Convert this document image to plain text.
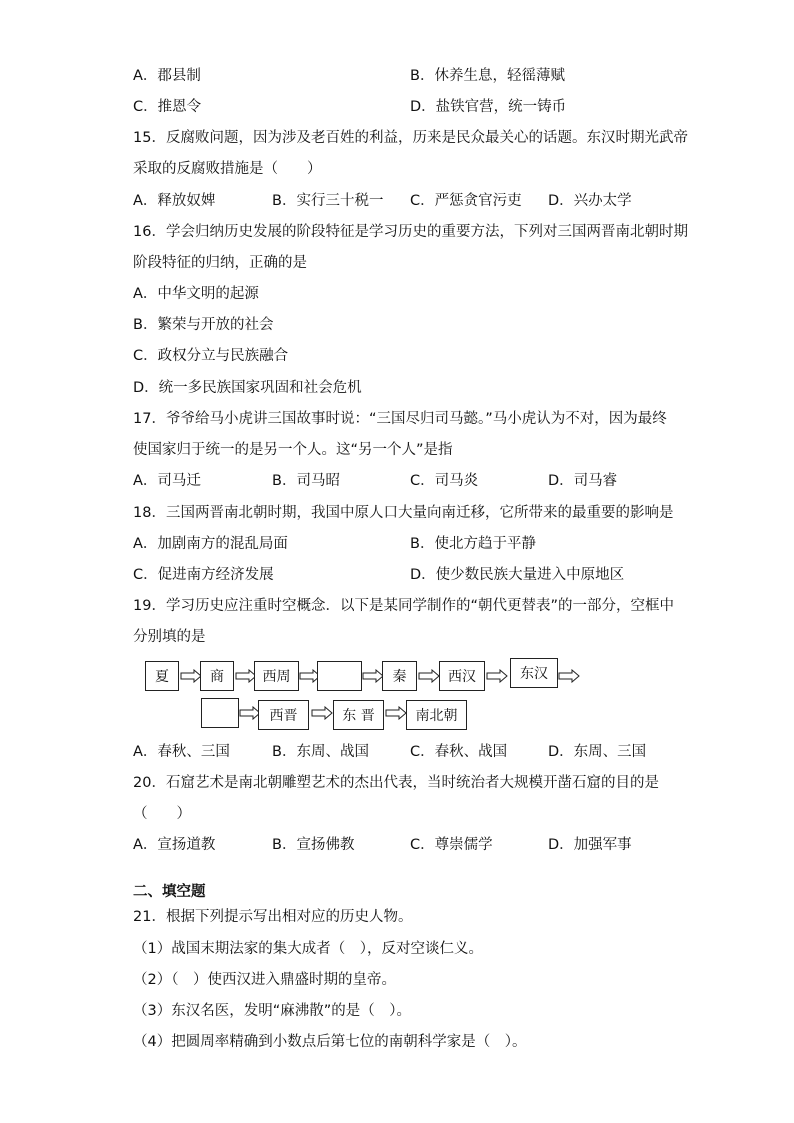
A．郡县制	B．休养生息，轻徭薄赋
C．推恩令	D．盐铁官营，统一铸币
15．反腐败问题，因为涉及老百姓的利益，历来是民众最关心的话题。东汉时期光武帝
采取的反腐败措施是（　　）
A．释放奴婢	B．实行三十税一 C．严惩贪官污吏 D．兴办太学
16．学会归纳历史发展的阶段特征是学习历史的重要方法，下列对三国两晋南北朝时期
阶段特征的归纳，正确的是
A．中华文明的起源
B．繁荣与开放的社会
C．政权分立与民族融合
D．统一多民族国家巩固和社会危机
17．爷爷给马小虎讲三国故事时说：“三国尽归司马懿。”马小虎认为不对，因为最终
使国家归于统一的是另一个人。这“另一个人”是指
A．司马迁	B．司马昭	C．司马炎	D．司马睿
18．三国两晋南北朝时期，我国中原人口大量向南迁移，它所带来的最重要的影响是
A．加剧南方的混乱局面	B．使北方趋于平静
C．促进南方经济发展	D．使少数民族大量进入中原地区
19．学习历史应注重时空概念．以下是某同学制作的“朝代更替表”的一部分，空框中
分别填的是
夏	商	西周	秦	西汉	东汉
西晋	东 晋	南北朝
A．春秋、三国	B．东周、战国	C．春秋、战国	D．东周、三国
20．石窟艺术是南北朝雕塑艺术的杰出代表，当时统治者大规模开凿石窟的目的是
（　　）
A．宣扬道教	B．宣扬佛教	C．尊崇儒学	D．加强军事
二、填空题
21．根据下列提示写出相对应的历史人物。
（1）战国末期法家的集大成者（　），反对空谈仁义。
（2）（　）使西汉进入鼎盛时期的皇帝。
（3）东汉名医，发明“麻沸散”的是（　）。
（4）把圆周率精确到小数点后第七位的南朝科学家是（　）。
